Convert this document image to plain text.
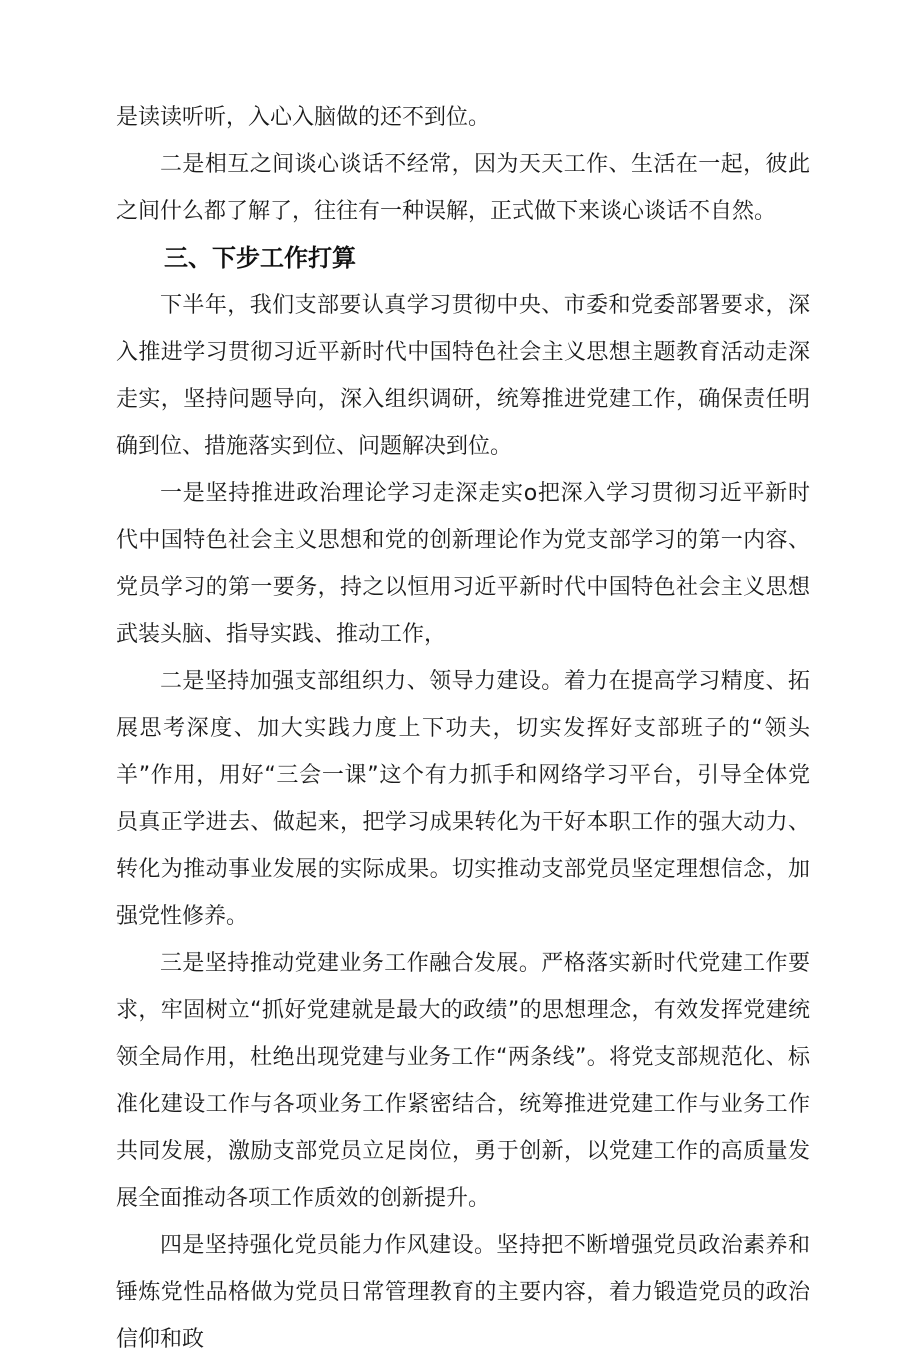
是读读听听，入心入脑做的还不到位。

二是相互之间谈心谈话不经常，因为天天工作、生活在一起，彼此之间什么都了解了，往往有一种误解，正式做下来谈心谈话不自然。

三、下步工作打算

下半年，我们支部要认真学习贯彻中央、市委和党委部署要求，深入推进学习贯彻习近平新时代中国特色社会主义思想主题教育活动走深走实，坚持问题导向，深入组织调研，统筹推进党建工作，确保责任明确到位、措施落实到位、问题解决到位。

一是坚持推进政治理论学习走深走实o把深入学习贯彻习近平新时代中国特色社会主义思想和党的创新理论作为党支部学习的第一内容、党员学习的第一要务，持之以恒用习近平新时代中国特色社会主义思想武装头脑、指导实践、推动工作，

二是坚持加强支部组织力、领导力建设。着力在提高学习精度、拓展思考深度、加大实践力度上下功夫，切实发挥好支部班子的“领头羊”作用，用好“三会一课”这个有力抓手和网络学习平台，引导全体党员真正学进去、做起来，把学习成果转化为干好本职工作的强大动力、转化为推动事业发展的实际成果。切实推动支部党员坚定理想信念，加强党性修养。

三是坚持推动党建业务工作融合发展。严格落实新时代党建工作要求，牢固树立“抓好党建就是最大的政绩”的思想理念，有效发挥党建统领全局作用，杜绝出现党建与业务工作“两条线”。将党支部规范化、标准化建设工作与各项业务工作紧密结合，统筹推进党建工作与业务工作共同发展，激励支部党员立足岗位，勇于创新，以党建工作的高质量发展全面推动各项工作质效的创新提升。

四是坚持强化党员能力作风建设。坚持把不断增强党员政治素养和锤炼党性品格做为党员日常管理教育的主要内容，着力锻造党员的政治信仰和政
